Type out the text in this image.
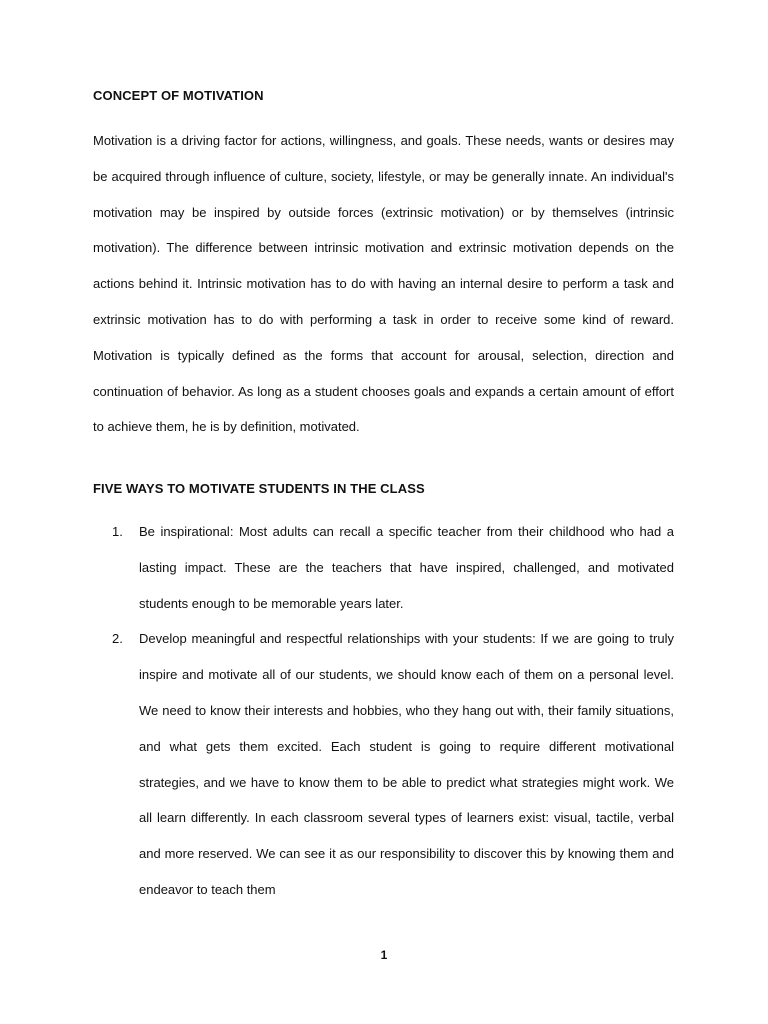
CONCEPT OF MOTIVATION

Motivation is a driving factor for actions, willingness, and goals. These needs, wants or desires may be acquired through influence of culture, society, lifestyle, or may be generally innate. An individual's motivation may be inspired by outside forces (extrinsic motivation) or by themselves (intrinsic motivation). The difference between intrinsic motivation and extrinsic motivation depends on the actions behind it. Intrinsic motivation has to do with having an internal desire to perform a task and extrinsic motivation has to do with performing a task in order to receive some kind of reward. Motivation is typically defined as the forms that account for arousal, selection, direction and continuation of behavior. As long as a student chooses goals and expands a certain amount of effort to achieve them, he is by definition, motivated.

FIVE WAYS TO MOTIVATE STUDENTS IN THE CLASS
1. Be inspirational: Most adults can recall a specific teacher from their childhood who had a lasting impact. These are the teachers that have inspired, challenged, and motivated students enough to be memorable years later.
2. Develop meaningful and respectful relationships with your students: If we are going to truly inspire and motivate all of our students, we should know each of them on a personal level. We need to know their interests and hobbies, who they hang out with, their family situations, and what gets them excited. Each student is going to require different motivational strategies, and we have to know them to be able to predict what strategies might work. We all learn differently. In each classroom several types of learners exist: visual, tactile, verbal and more reserved. We can see it as our responsibility to discover this by knowing them and endeavor to teach them
1
